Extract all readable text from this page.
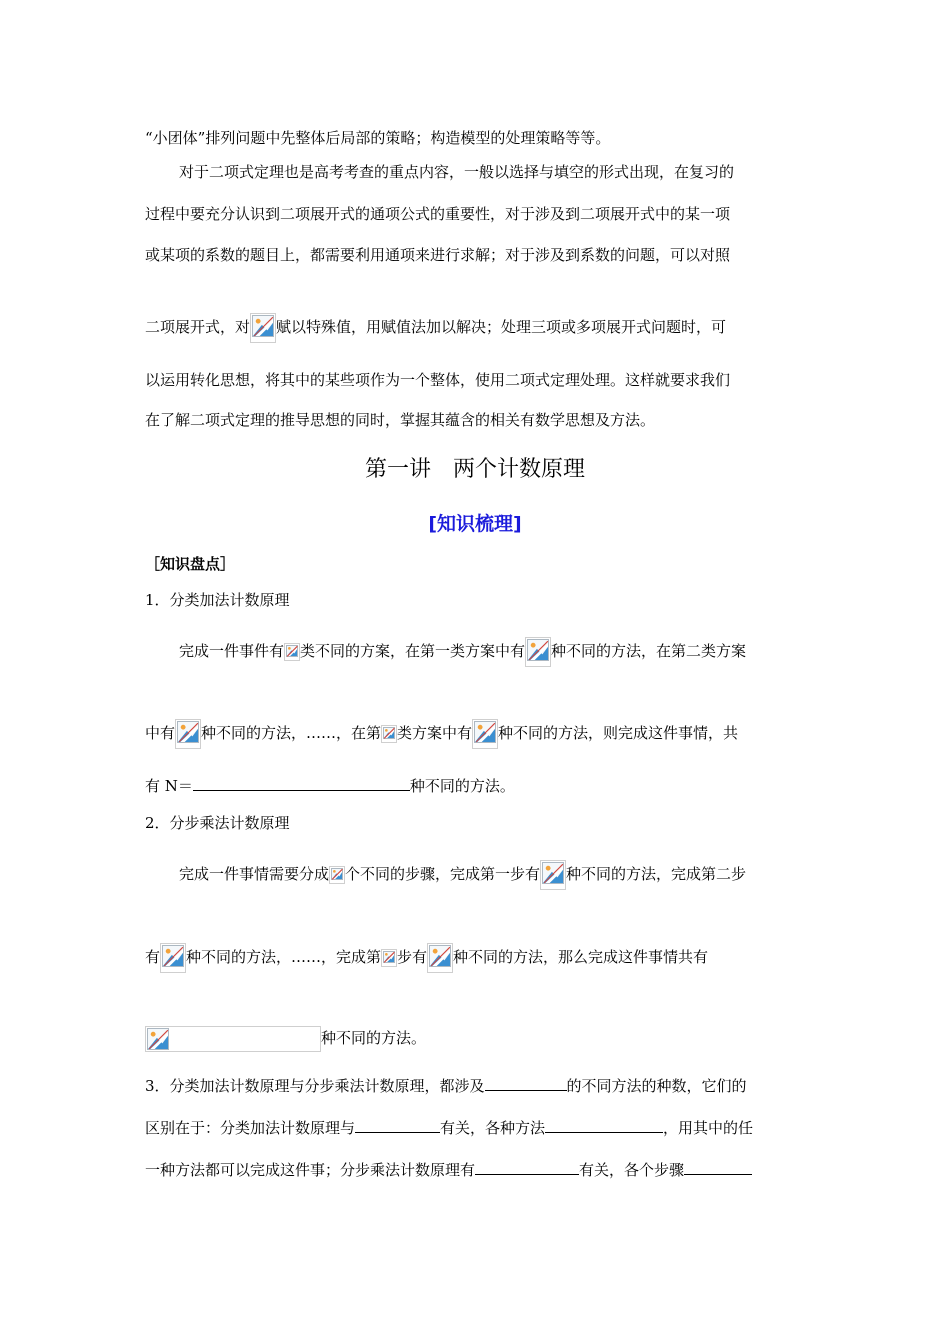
“小团体”排列问题中先整体后局部的策略；构造模型的处理策略等等。
对于二项式定理也是高考考查的重点内容，一般以选择与填空的形式出现，在复习的
过程中要充分认识到二项展开式的通项公式的重要性，对于涉及到二项展开式中的某一项
或某项的系数的题目上，都需要利用通项来进行求解；对于涉及到系数的问题，可以对照
二项展开式，对 赋以特殊值，用赋值法加以解决；处理三项或多项展开式问题时，可
以运用转化思想，将其中的某些项作为一个整体，使用二项式定理处理。这样就要求我们
在了解二项式定理的推导思想的同时，掌握其蕴含的相关有数学思想及方法。
第一讲　两个计数原理
[知识梳理]
［知识盘点］
1．分类加法计数原理
完成一件事件有 类不同的方案，在第一类方案中有 种不同的方法，在第二类方案
中有 种不同的方法，……，在第 类方案中有 种不同的方法，则完成这件事情，共
有 N＝	种不同的方法。
2．分步乘法计数原理
完成一件事情需要分成 个不同的步骤，完成第一步有 种不同的方法，完成第二步
有 种不同的方法，……，完成第 步有 种不同的方法，那么完成这件事情共有
种不同的方法。
3．分类加法计数原理与分步乘法计数原理，都涉及	的不同方法的种数，它们的
区别在于：分类加法计数原理与	有关，各种方法	，用其中的任
一种方法都可以完成这件事；分步乘法计数原理有	有关，各个步骤
